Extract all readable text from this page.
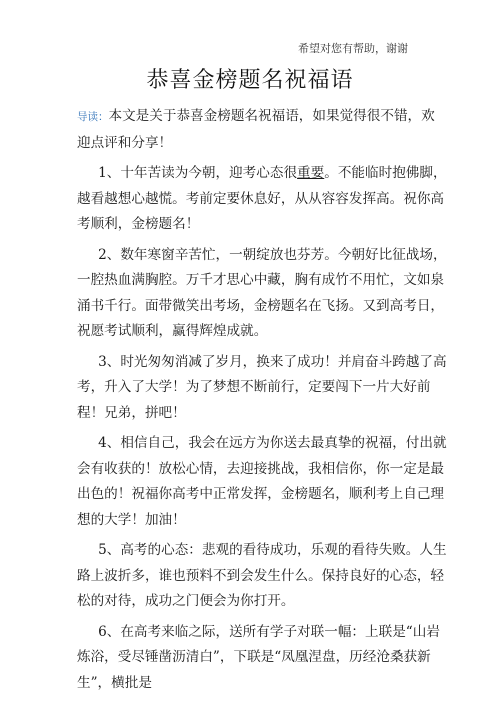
希望对您有帮助，谢谢
恭喜金榜题名祝福语

导读：本文是关于恭喜金榜题名祝福语，如果觉得很不错，欢迎点评和分享！

1、十年苦读为今朝，迎考心态很重要。不能临时抱佛脚，越看越想心越慌。考前定要休息好，从从容容发挥高。祝你高考顺利，金榜题名！

2、数年寒窗辛苦忙，一朝绽放也芬芳。今朝好比征战场，一腔热血满胸腔。万千才思心中藏，胸有成竹不用忙，文如泉涌书千行。面带微笑出考场，金榜题名在飞扬。又到高考日，祝愿考试顺利，赢得辉煌成就。

3、时光匆匆消减了岁月，换来了成功！并肩奋斗跨越了高考，升入了大学！为了梦想不断前行，定要闯下一片大好前程！兄弟，拼吧！

4、相信自己，我会在远方为你送去最真挚的祝福，付出就会有收获的！放松心情，去迎接挑战，我相信你，你一定是最出色的！祝福你高考中正常发挥，金榜题名，顺利考上自己理想的大学！加油！

5、高考的心态：悲观的看待成功，乐观的看待失败。人生路上波折多，谁也预料不到会发生什么。保持良好的心态，轻松的对待，成功之门便会为你打开。

6、在高考来临之际，送所有学子对联一幅：上联是“山岩炼浴，受尽锤凿沥清白”，下联是“凤凰涅盘，历经沧桑获新生”，横批是
